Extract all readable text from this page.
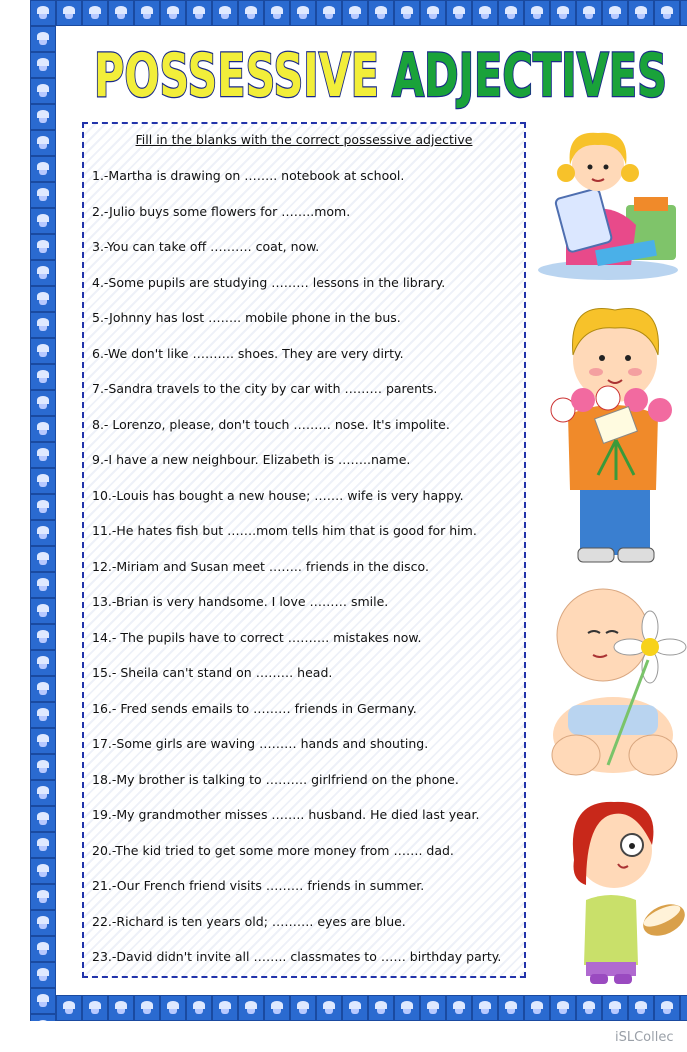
POSSESSIVE ADJECTIVES
Fill in the blanks with the correct possessive adjective
1.-Martha is drawing on …….. notebook at school.
2.-Julio buys some flowers for ……..mom.
3.-You can take off ………. coat, now.
4.-Some pupils are studying ……… lessons in the library.
5.-Johnny has lost …….. mobile phone in the bus.
6.-We don't like ………. shoes. They are very dirty.
7.-Sandra travels to the city by car with ……… parents.
8.- Lorenzo, please, don't touch ……… nose. It's impolite.
9.-I have a new neighbour. Elizabeth is ……..name.
10.-Louis has bought a new house; ……. wife is very happy.
11.-He hates fish but …….mom tells him that is good for him.
12.-Miriam and Susan meet …….. friends in the disco.
13.-Brian is very handsome. I love ……… smile.
14.- The pupils have to correct ………. mistakes now.
15.- Sheila can't stand on ……… head.
16.- Fred sends emails to ……… friends in Germany.
17.-Some girls are waving ……… hands and shouting.
18.-My brother is talking to ………. girlfriend on the phone.
19.-My grandmother misses …….. husband. He died last year.
20.-The kid tried to get some more money from ……. dad.
21.-Our French friend visits ……… friends in summer.
22.-Richard is ten years old; ………. eyes are blue.
23.-David didn't invite all …….. classmates to …… birthday party.
iSLCollec
